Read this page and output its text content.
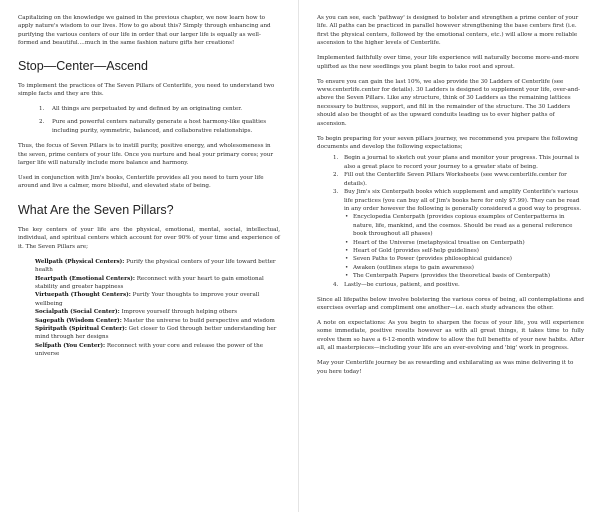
Capitalizing on the knowledge we gained in the previous chapter, we now learn how to apply nature's wisdom to our lives. How to go about this? Simply through enhancing and purifying the various centers of our life in order that our larger life is equally as well-formed and beautiful....much in the same fashion nature gifts her creations!

Stop—Center—Ascend

To implement the practices of The Seven Pillars of Centerlife, you need to understand two simple facts and they are this.

1. All things are perpetuated by and defined by an originating center.
2. Pure and powerful centers naturally generate a host harmony-like qualities including purity, symmetric, balanced, and collaborative relationships.

Thus, the focus of Seven Pillars is to instill purity, positive energy, and wholesomeness in the seven, prime centers of your life. Once you nurture and heal your primary cores; your larger life will naturally include more balance and harmony.

Used in conjunction with Jim's books, Centerlife provides all you need to turn your life around and live a calmer, more blissful, and elevated state of being.

What Are the Seven Pillars?

The key centers of your life are the physical, emotional, mental, social, intellectual, individual, and spiritual centers which account for over 90% of your time and experience of it. The Seven Pillars are;

Wellpath (Physical Centers): Purify the physical centers of your life toward better health
Heartpath (Emotional Centers): Reconnect with your heart to gain emotional stability and greater happiness
Virtuepath (Thought Centers): Purify Your thoughts to improve your overall wellbeing
Socialpath (Social Center): Improve yourself through helping others
Sagepath (Wisdom Center): Master the universe to build perspective and wisdom
Spiritpath (Spiritual Center): Get closer to God through better understanding her mind through her designs
Selfpath (You Center): Reconnect with your core and release the power of the universe

As you can see, each 'pathway' is designed to bolster and strengthen a prime center of your life. All paths can be practiced in parallel however strengthening the base centers first (i.e. first the physical centers, followed by the emotional centers, etc.) will allow a more reliable ascension to the higher levels of Centerlife.

Implemented faithfully over time, your life experience will naturally become more-and-more uplifted as the new seedlings you plant begin to take root and sprout.

To ensure you can gain the last 10%, we also provide the 30 Ladders of Centerlife (see www.centerlife.center for details). 30 Ladders is designed to supplement your life, over-and-above the Seven Pillars. Like any structure, think of 30 Ladders as the remaining lattices necessary to buttress, support, and fill in the remainder of the structure. The 30 Ladders should also be thought of as the upward conduits leading us to ever higher paths of ascension.

To begin preparing for your seven pillars journey, we recommend you prepare the following documents and develop the following expectations;

1. Begin a journal to sketch out your plans and monitor your progress. This journal is also a great place to record your journey to a greater state of being.
2. Fill out the Centerlife Seven Pillars Worksheets (see www.centerlife.center for details).
3. Buy Jim's six Centerpath books which supplement and amplify Centerlife's various life practices (you can buy all of Jim's books here for only $7.99). They can be read in any order however the following is generally considered a good way to progress.
• Encyclopedia Centerpath (provides copious examples of Centerpatterns in nature, life, mankind, and the cosmos. Should be read as a general reference book throughout all phases)
• Heart of the Universe (metaphysical treatise on Centerpath)
• Heart of Gold (provides self-help guidelines)
• Seven Paths to Power (provides philosophical guidance)
• Awaken (outlines steps to gain awareness)
• The Centerpath Papers (provides the theoretical basis of Centerpath)
4. Lastly—be curious, patient, and positive.

Since all lifepaths below involve bolstering the various cores of being, all contemplations and exercises overlap and compliment one another—i.e. each study advances the other.

A note on expectations: As you begin to sharpen the focus of your life, you will experience some immediate, positive results however as with all great things, it takes time to fully evolve them so have a 6-12-month window to allow the full benefits of your new habits. After all, all masterpieces—including your life are an ever-evolving and 'big' work in progress.

May your Centerlife journey be as rewarding and exhilarating as was mine delivering it to you here today!
